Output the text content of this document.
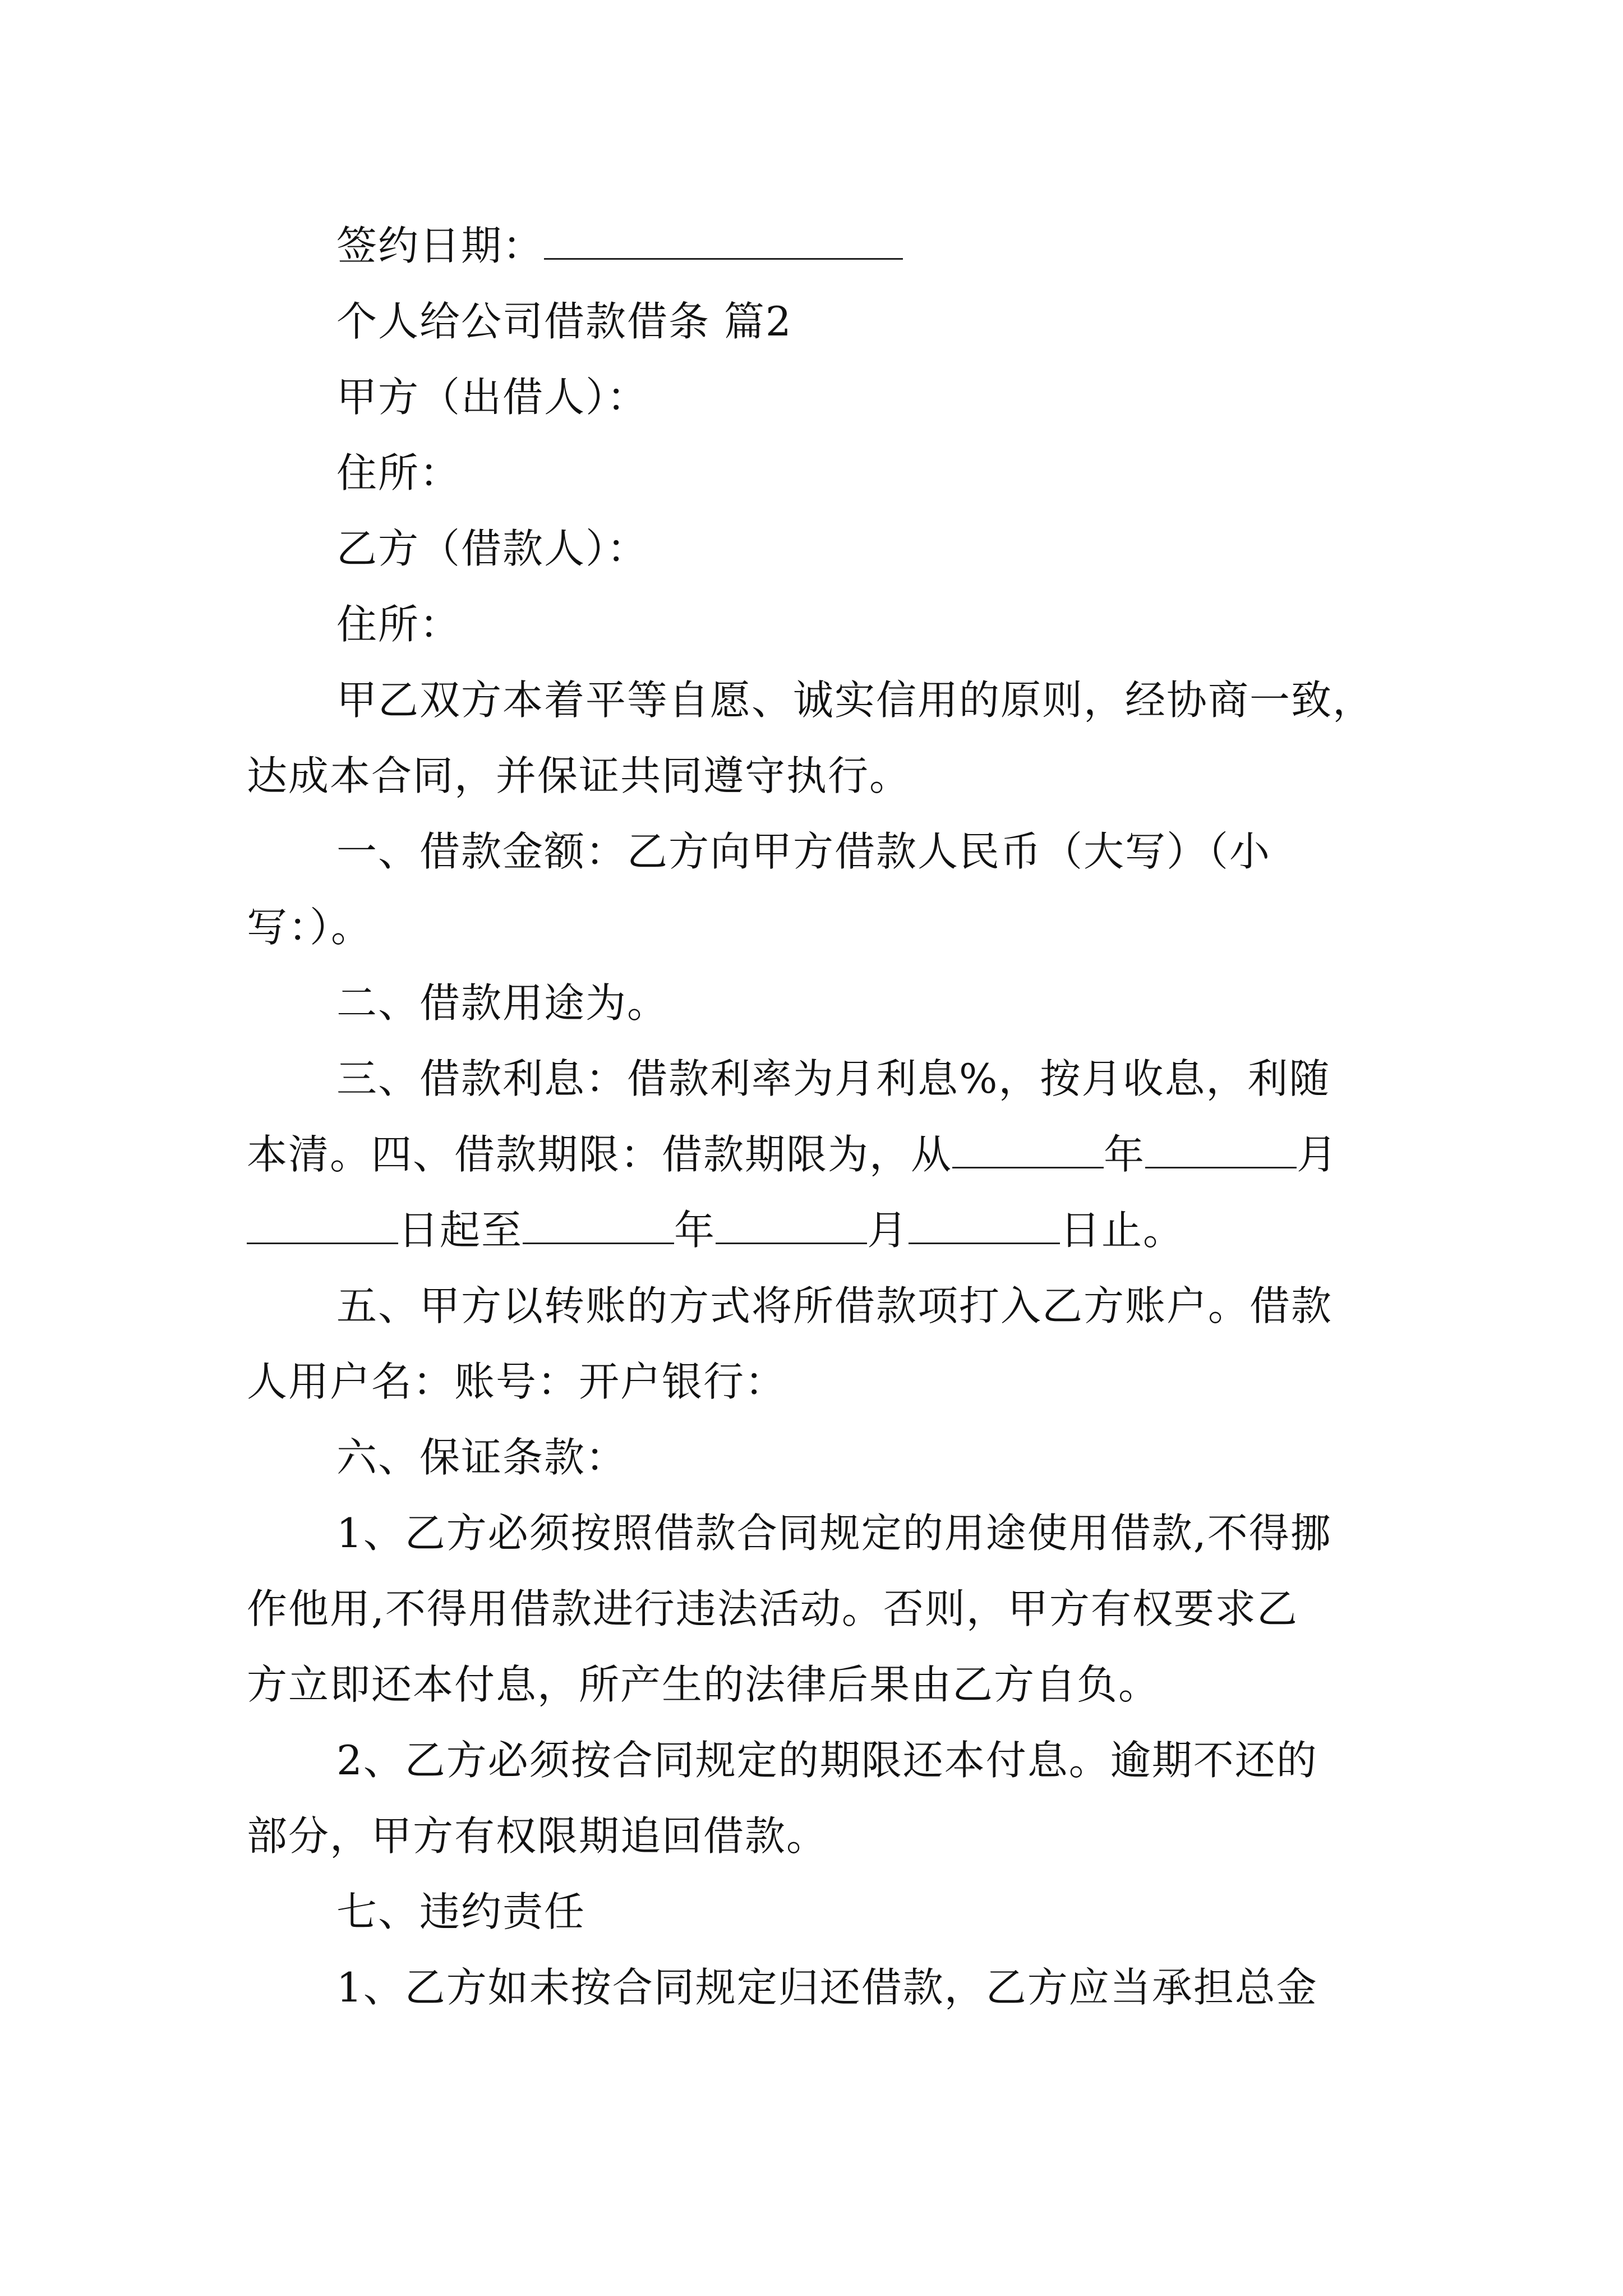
签约日期：
个人给公司借款借条 篇2
甲方（出借人）：
住所：
乙方（借款人）：
住所：
甲乙双方本着平等自愿、诚实信用的原则，经协商一致，
达成本合同，并保证共同遵守执行。
一、借款金额：乙方向甲方借款人民币（大写）（小
写：）。
二、借款用途为。
三、借款利息：借款利率为月利息%，按月收息，利随
本清。四、借款期限：借款期限为，从	年	月
日起至	年	月	日止。
五、甲方以转账的方式将所借款项打入乙方账户。借款
人用户名：账号：开户银行：
六、保证条款：
1、乙方必须按照借款合同规定的用途使用借款,不得挪
作他用,不得用借款进行违法活动。否则，甲方有权要求乙
方立即还本付息，所产生的法律后果由乙方自负。
2、乙方必须按合同规定的期限还本付息。逾期不还的
部分，甲方有权限期追回借款。
七、违约责任
1、乙方如未按合同规定归还借款，乙方应当承担总金
